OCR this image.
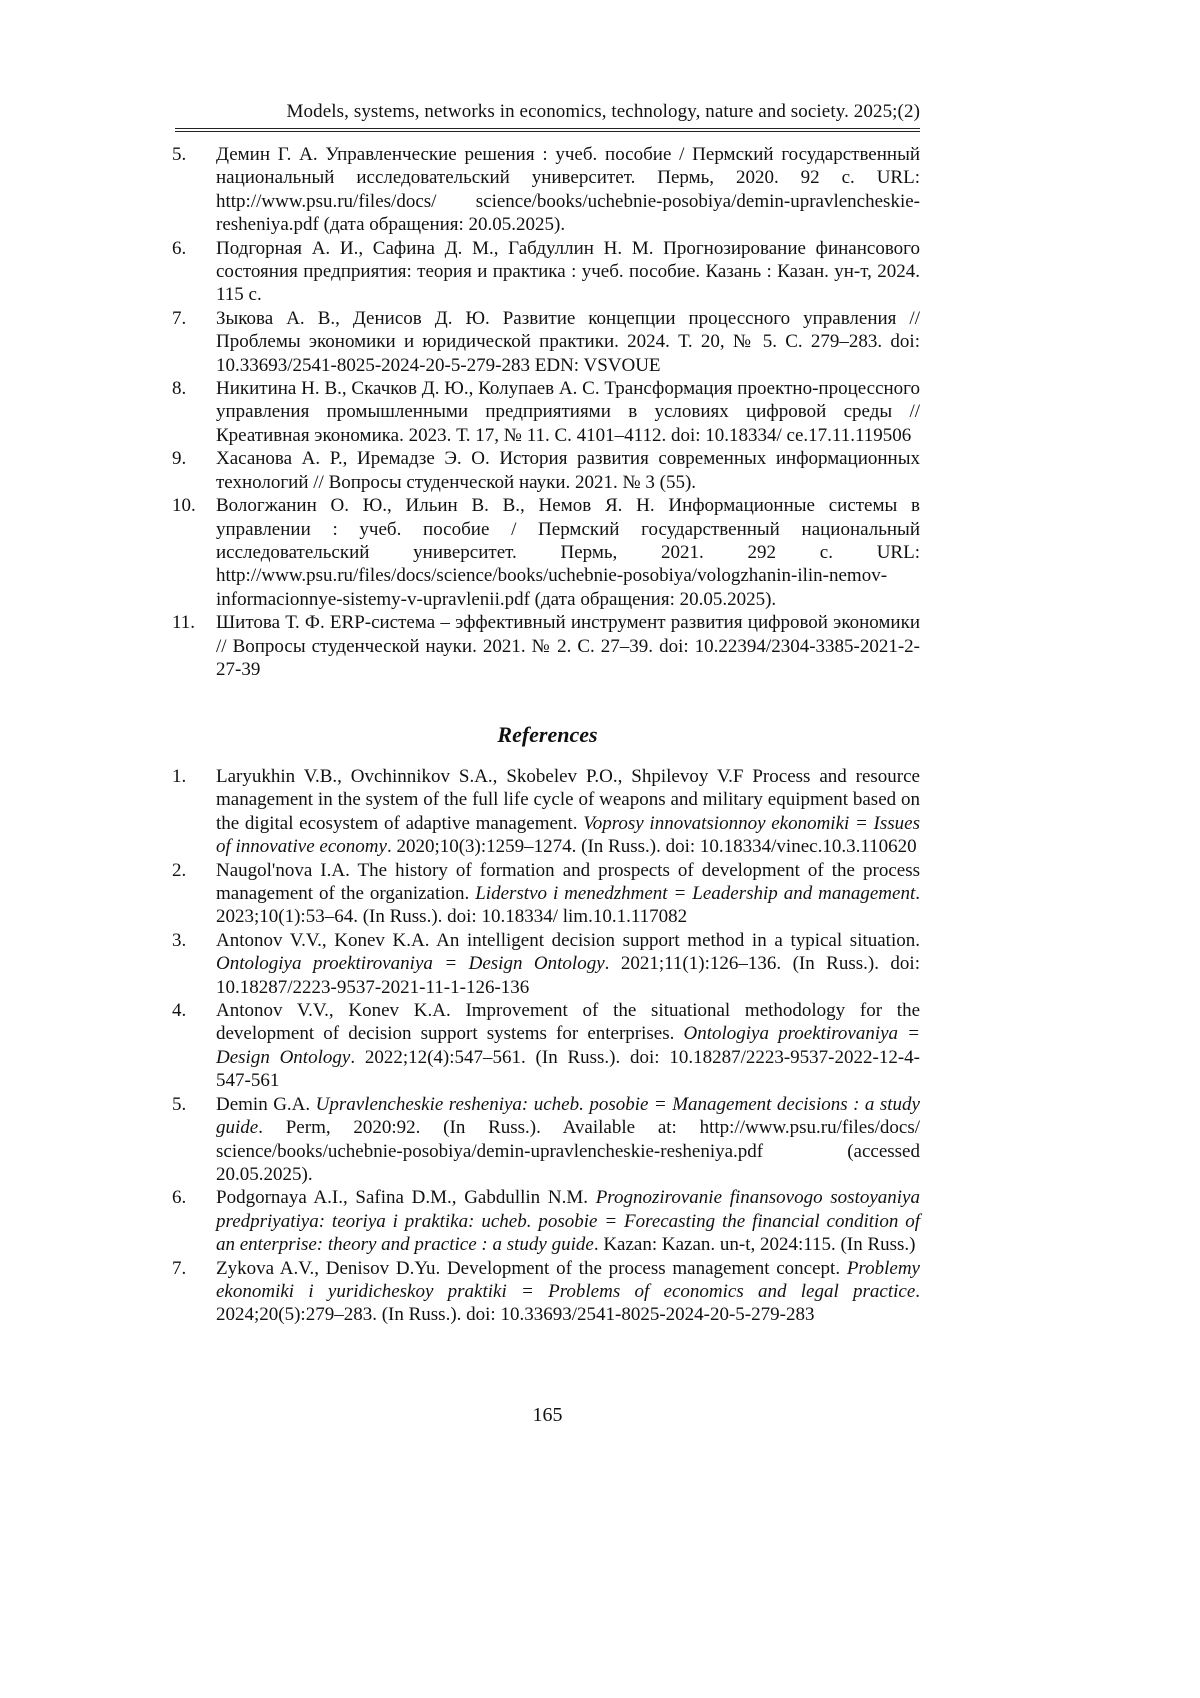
Models, systems, networks in economics, technology, nature and society. 2025;(2)
5. Демин Г. А. Управленческие решения : учеб. пособие / Пермский государственный национальный исследовательский университет. Пермь, 2020. 92 с. URL: http://www.psu.ru/files/docs/ science/books/uchebnie-posobiya/demin-upravlencheskie-resheniya.pdf (дата обращения: 20.05.2025).
6. Подгорная А. И., Сафина Д. М., Габдуллин Н. М. Прогнозирование финансового состояния предприятия: теория и практика : учеб. пособие. Казань : Казан. ун-т, 2024. 115 с.
7. Зыкова А. В., Денисов Д. Ю. Развитие концепции процессного управления // Проблемы экономики и юридической практики. 2024. Т. 20, № 5. С. 279–283. doi: 10.33693/2541-8025-2024-20-5-279-283 EDN: VSVOUE
8. Никитина Н. В., Скачков Д. Ю., Колупаев А. С. Трансформация проектно-процессного управления промышленными предприятиями в условиях цифровой среды // Креативная экономика. 2023. Т. 17, № 11. С. 4101–4112. doi: 10.18334/ ce.17.11.119506
9. Хасанова А. Р., Иремадзе Э. О. История развития современных информационных технологий // Вопросы студенческой науки. 2021. № 3 (55).
10. Вологжанин О. Ю., Ильин В. В., Немов Я. Н. Информационные системы в управлении : учеб. пособие / Пермский государственный национальный исследовательский университет. Пермь, 2021. 292 с. URL: http://www.psu.ru/files/docs/science/books/uchebnie-posobiya/vologzhanin-ilin-nemov-informacionnye-sistemy-v-upravlenii.pdf (дата обращения: 20.05.2025).
11. Шитова Т. Ф. ERP-система – эффективный инструмент развития цифровой экономики // Вопросы студенческой науки. 2021. № 2. С. 27–39. doi: 10.22394/2304-3385-2021-2-27-39
References
1. Laryukhin V.B., Ovchinnikov S.A., Skobelev P.O., Shpilevoy V.F Process and resource management in the system of the full life cycle of weapons and military equipment based on the digital ecosystem of adaptive management. Voprosy innovatsionnoy ekonomiki = Issues of innovative economy. 2020;10(3):1259–1274. (In Russ.). doi: 10.18334/vinec.10.3.110620
2. Naugol'nova I.A. The history of formation and prospects of development of the process management of the organization. Liderstvo i menedzhment = Leadership and management. 2023;10(1):53–64. (In Russ.). doi: 10.18334/ lim.10.1.117082
3. Antonov V.V., Konev K.A. An intelligent decision support method in a typical situation. Ontologiya proektirovaniya = Design Ontology. 2021;11(1):126–136. (In Russ.). doi: 10.18287/2223-9537-2021-11-1-126-136
4. Antonov V.V., Konev K.A. Improvement of the situational methodology for the development of decision support systems for enterprises. Ontologiya proektirovaniya = Design Ontology. 2022;12(4):547–561. (In Russ.). doi: 10.18287/2223-9537-2022-12-4-547-561
5. Demin G.A. Upravlencheskie resheniya: ucheb. posobie = Management decisions : a study guide. Perm, 2020:92. (In Russ.). Available at: http://www.psu.ru/files/docs/ science/books/uchebnie-posobiya/demin-upravlencheskie-resheniya.pdf (accessed 20.05.2025).
6. Podgornaya A.I., Safina D.M., Gabdullin N.M. Prognozirovanie finansovogo sostoyaniya predpriyatiya: teoriya i praktika: ucheb. posobie = Forecasting the financial condition of an enterprise: theory and practice : a study guide. Kazan: Kazan. un-t, 2024:115. (In Russ.)
7. Zykova A.V., Denisov D.Yu. Development of the process management concept. Problemy ekonomiki i yuridicheskoy praktiki = Problems of economics and legal practice. 2024;20(5):279–283. (In Russ.). doi: 10.33693/2541-8025-2024-20-5-279-283
165
